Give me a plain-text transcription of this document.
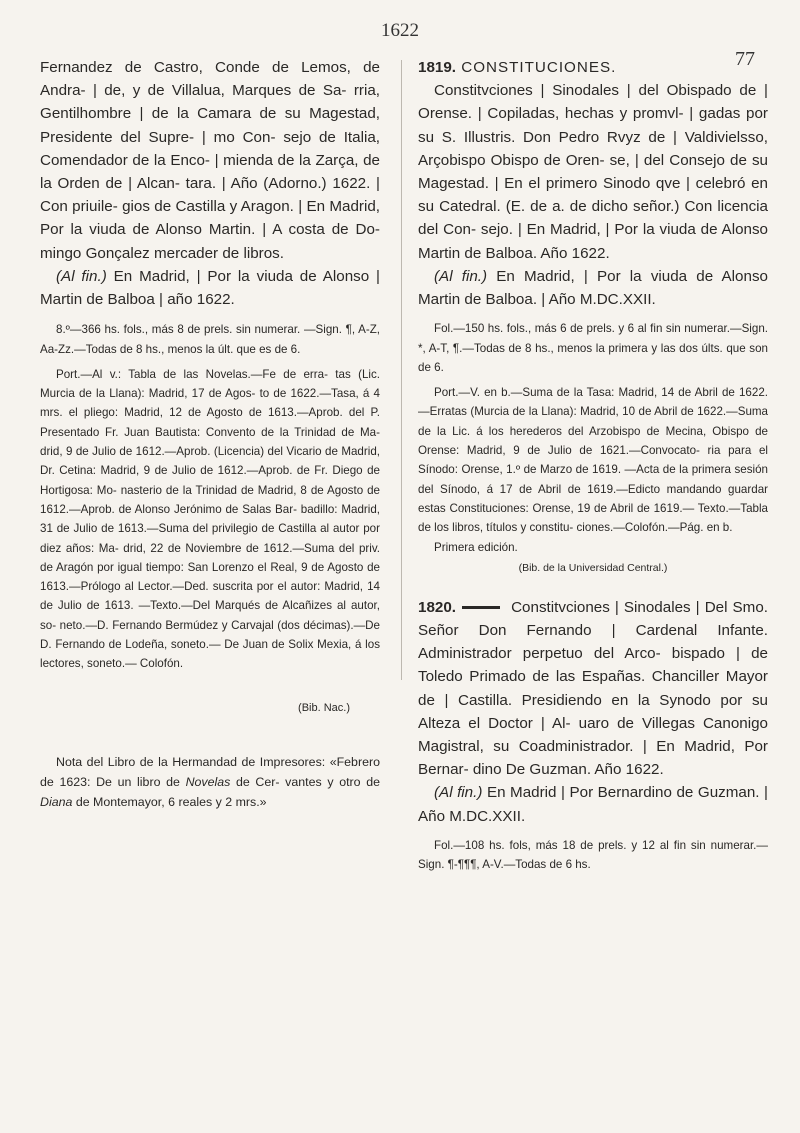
1622
77

Fernandez de Castro, Conde de Lemos, de Andra- | de, y de Villalua, Marques de Sa- rria, Gentilhombre | de la Camara de su Magestad, Presidente del Supre- | mo Con- sejo de Italia, Comendador de la Enco- | mienda de la Zarça, de la Orden de | Alcan- tara. | Año (Adorno.) 1622. | Con priuile- gios de Castilla y Aragon. | En Madrid, Por la viuda de Alonso Martin. | A costa de Do- mingo Gonçalez mercader de libros.

(Al fin.) En Madrid, | Por la viuda de Alonso | Martin de Balboa | año 1622.

8.º—366 hs. fols., más 8 de prels. sin numerar. —Sign. ¶, A-Z, Aa-Zz.—Todas de 8 hs., menos la últ. que es de 6.

Port.—Al v.: Tabla de las Novelas.—Fe de erra- tas (Lic. Murcia de la Llana): Madrid, 17 de Agos- to de 1622.—Tasa, á 4 mrs. el pliego: Madrid, 12 de Agosto de 1613.—Aprob. del P. Presentado Fr. Juan Bautista: Convento de la Trinidad de Ma- drid, 9 de Julio de 1612.—Aprob. (Licencia) del Vicario de Madrid, Dr. Cetina: Madrid, 9 de Julio de 1612.—Aprob. de Fr. Diego de Hortigosa: Mo- nasterio de la Trinidad de Madrid, 8 de Agosto de 1612.—Aprob. de Alonso Jerónimo de Salas Bar- badillo: Madrid, 31 de Julio de 1613.—Suma del privilegio de Castilla al autor por diez años: Ma- drid, 22 de Noviembre de 1612.—Suma del priv. de Aragón por igual tiempo: San Lorenzo el Real, 9 de Agosto de 1613.—Prólogo al Lector.—Ded. suscrita por el autor: Madrid, 14 de Julio de 1613. —Texto.—Del Marqués de Alcañizes al autor, so- neto.—D. Fernando Bermúdez y Carvajal (dos décimas).—De D. Fernando de Lodeña, soneto.— De Juan de Solix Mexia, á los lectores, soneto.— Colofón.

(Bib. Nac.)

Nota del Libro de la Hermandad de Impresores: «Febrero de 1623: De un libro de Novelas de Cer- vantes y otro de Diana de Montemayor, 6 reales y 2 mrs.»

1819. CONSTITUCIONES.

Constitvciones | Sinodales | del Obispado de | Orense. | Copiladas, hechas y promvl- | gadas por su S. Illustris. Don Pedro Rvyz de | Valdivielsso, Arçobispo Obispo de Oren- se, | del Consejo de su Magestad. | En el primero Sinodo qve | celebró en su Catedral. (E. de a. de dicho señor.) Con licencia del Con- sejo. | En Madrid, | Por la viuda de Alonso Martin de Balboa. Año 1622.

(Al fin.) En Madrid, | Por la viuda de Alonso Martin de Balboa. | Año M.DC.XXII.

Fol.—150 hs. fols., más 6 de prels. y 6 al fin sin numerar.—Sign. *, A-T, ¶.—Todas de 8 hs., menos la primera y las dos últs. que son de 6.

Port.—V. en b.—Suma de la Tasa: Madrid, 14 de Abril de 1622.—Erratas (Murcia de la Llana): Madrid, 10 de Abril de 1622.—Suma de la Lic. á los herederos del Arzobispo de Mecina, Obispo de Orense: Madrid, 9 de Julio de 1621.—Convocato- ria para el Sínodo: Orense, 1.º de Marzo de 1619. —Acta de la primera sesión del Sínodo, á 17 de Abril de 1619.—Edicto mandando guardar estas Constituciones: Orense, 19 de Abril de 1619.— Texto.—Tabla de los libros, títulos y constitu- ciones.—Colofón.—Pág. en b.

Primera edición.

(Bib. de la Universidad Central.)

1820.	Constitvciones | Sinodales | Del Smo. Señor Don Fernando | Cardenal Infante. Administrador perpetuo del Arco- bispado | de Toledo Primado de las Españas. Chanciller Mayor de | Castilla. Presidiendo en la Synodo por su Alteza el Doctor | Al- uaro de Villegas Canonigo Magistral, su Coadministrador. | En Madrid, Por Bernar- dino De Guzman. Año 1622.

(Al fin.) En Madrid | Por Bernardino de Guzman. | Año M.DC.XXII.

Fol.—108 hs. fols, más 18 de prels. y 12 al fin sin numerar.—Sign. ¶-¶¶¶, A-V.—Todas de 6 hs.
